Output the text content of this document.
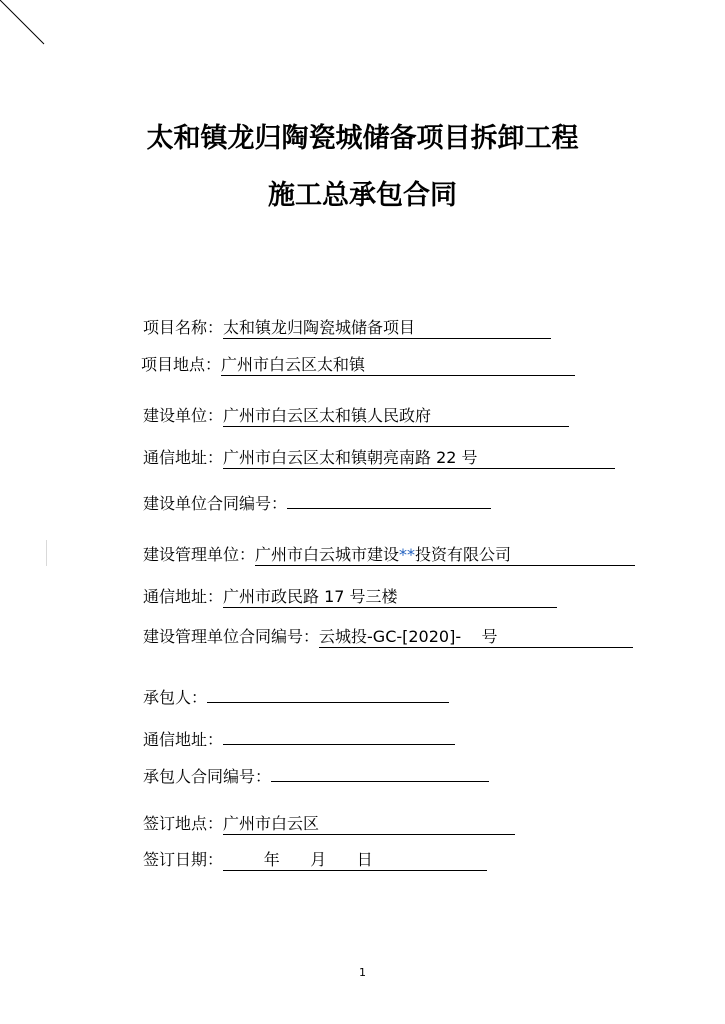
太和镇龙归陶瓷城储备项目拆卸工程
施工总承包合同
项目名称：太和镇龙归陶瓷城储备项目
项目地点：广州市白云区太和镇
建设单位：广州市白云区太和镇人民政府
通信地址：广州市白云区太和镇朝亮南路 22 号
建设单位合同编号：
建设管理单位：广州市白云城市建设**投资有限公司
通信地址：广州市政民路 17 号三楼
建设管理单位合同编号：云城投-GC-[2020]-    号
承包人：
通信地址：
承包人合同编号：
签订地点：广州市白云区
签订日期：        年      月      日
1
